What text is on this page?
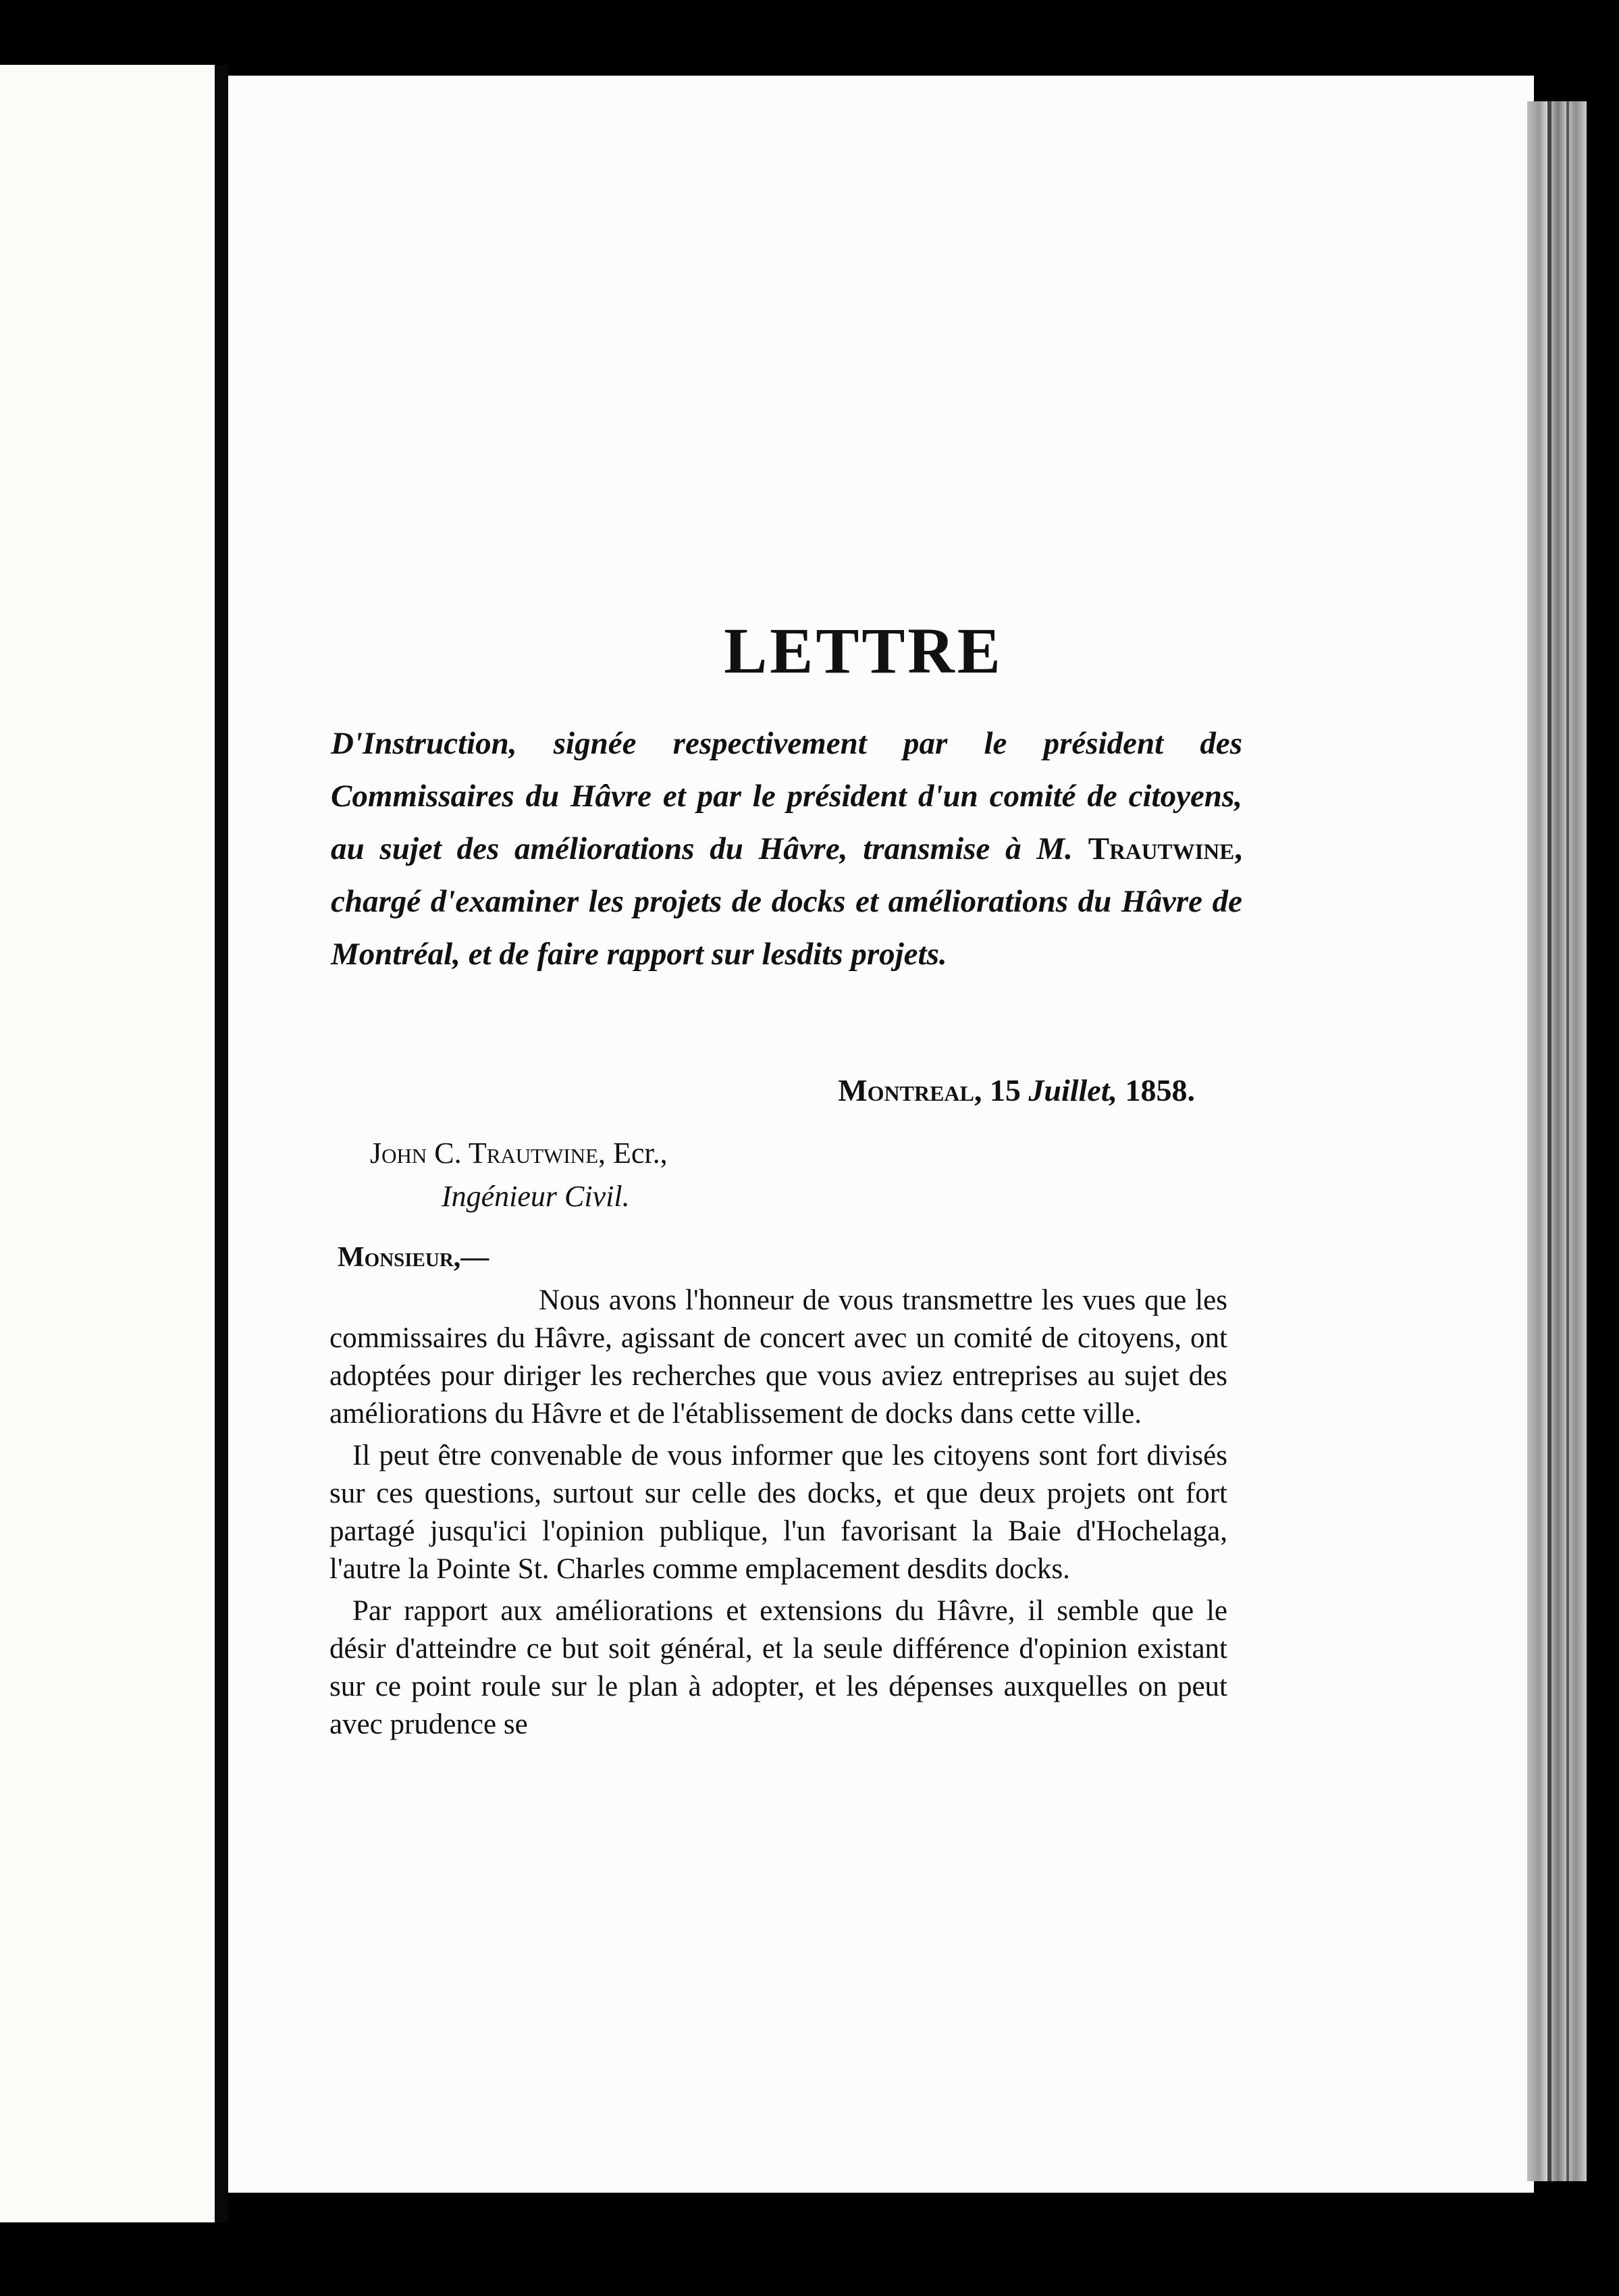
LETTRE
D'Instruction, signée respectivement par le président des Commissaires du Hâvre et par le président d'un comité de citoyens, au sujet des améliorations du Hâvre, transmise à M. Trautwine, chargé d'examiner les projets de docks et améliorations du Hâvre de Montréal, et de faire rapport sur lesdits projets.
Montreal, 15 Juillet, 1858.
John C. Trautwine, Ecr.,
Ingénieur Civil.
Monsieur,—

Nous avons l'honneur de vous transmettre les vues que les commissaires du Hâvre, agissant de concert avec un comité de citoyens, ont adoptées pour diriger les recherches que vous aviez entreprises au sujet des améliorations du Hâvre et de l'établissement de docks dans cette ville.

Il peut être convenable de vous informer que les citoyens sont fort divisés sur ces questions, surtout sur celle des docks, et que deux projets ont fort partagé jusqu'ici l'opinion publique, l'un favorisant la Baie d'Hochelaga, l'autre la Pointe St. Charles comme emplacement desdits docks.

Par rapport aux améliorations et extensions du Hâvre, il semble que le désir d'atteindre ce but soit général, et la seule différence d'opinion existant sur ce point roule sur le plan à adopter, et les dépenses auxquelles on peut avec prudence se
